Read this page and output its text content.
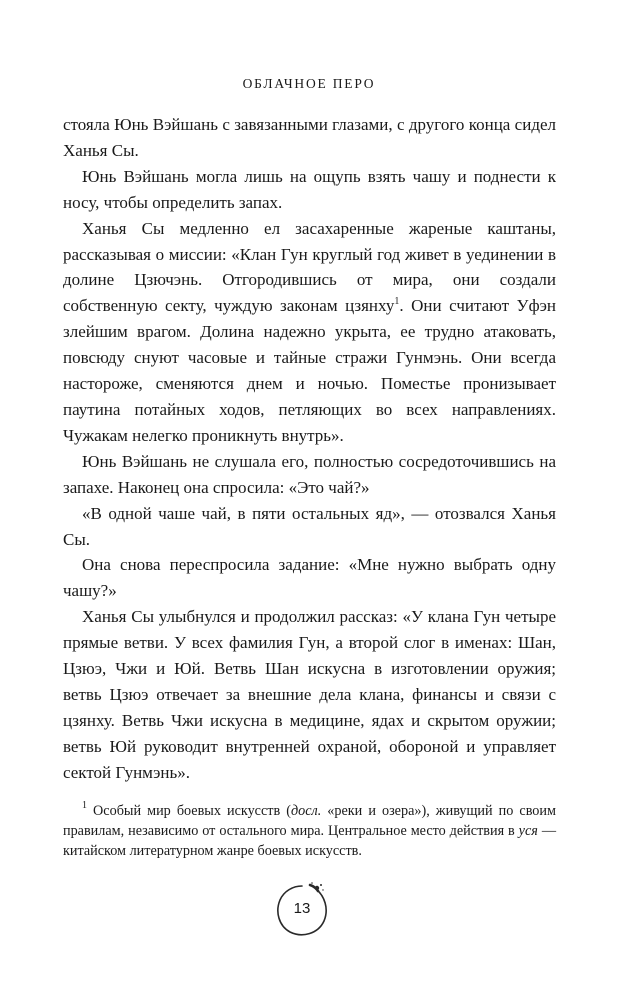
ОБЛАЧНОЕ ПЕРО

стояла Юнь Вэйшань с завязанными глазами, с другого конца сидел Ханья Сы.

Юнь Вэйшань могла лишь на ощупь взять чашу и поднести к носу, чтобы определить запах.

Ханья Сы медленно ел засахаренные жареные каштаны, рассказывая о миссии: «Клан Гун круглый год живет в уединении в долине Цзючэнь. Отгородившись от мира, они создали собственную секту, чуждую законам цзянху$^1$. Они считают Уфэн злейшим врагом. Долина надежно укрыта, ее трудно атаковать, повсюду снуют часовые и тайные стражи Гунмэнь. Они всегда настороже, сменяются днем и ночью. Поместье пронизывает паутина потайных ходов, петляющих во всех направлениях. Чужакам нелегко проникнуть внутрь».

Юнь Вэйшань не слушала его, полностью сосредоточившись на запахе. Наконец она спросила: «Это чай?»

«В одной чаше чай, в пяти остальных яд», — отозвался Ханья Сы.

Она снова переспросила задание: «Мне нужно выбрать одну чашу?»

Ханья Сы улыбнулся и продолжил рассказ: «У клана Гун четыре прямые ветви. У всех фамилия Гун, а второй слог в именах: Шан, Цзюэ, Чжи и Юй. Ветвь Шан искусна в изготовлении оружия; ветвь Цзюэ отвечает за внешние дела клана, финансы и связи с цзянху. Ветвь Чжи искусна в медицине, ядах и скрытом оружии; ветвь Юй руководит внутренней охраной, обороной и управляет сектой Гунмэнь».

$^1$ Особый мир боевых искусств (досл. «реки и озера»), живущий по своим правилам, независимо от остального мира. Центральное место действия в уся — китайском литературном жанре боевых искусств.
13
